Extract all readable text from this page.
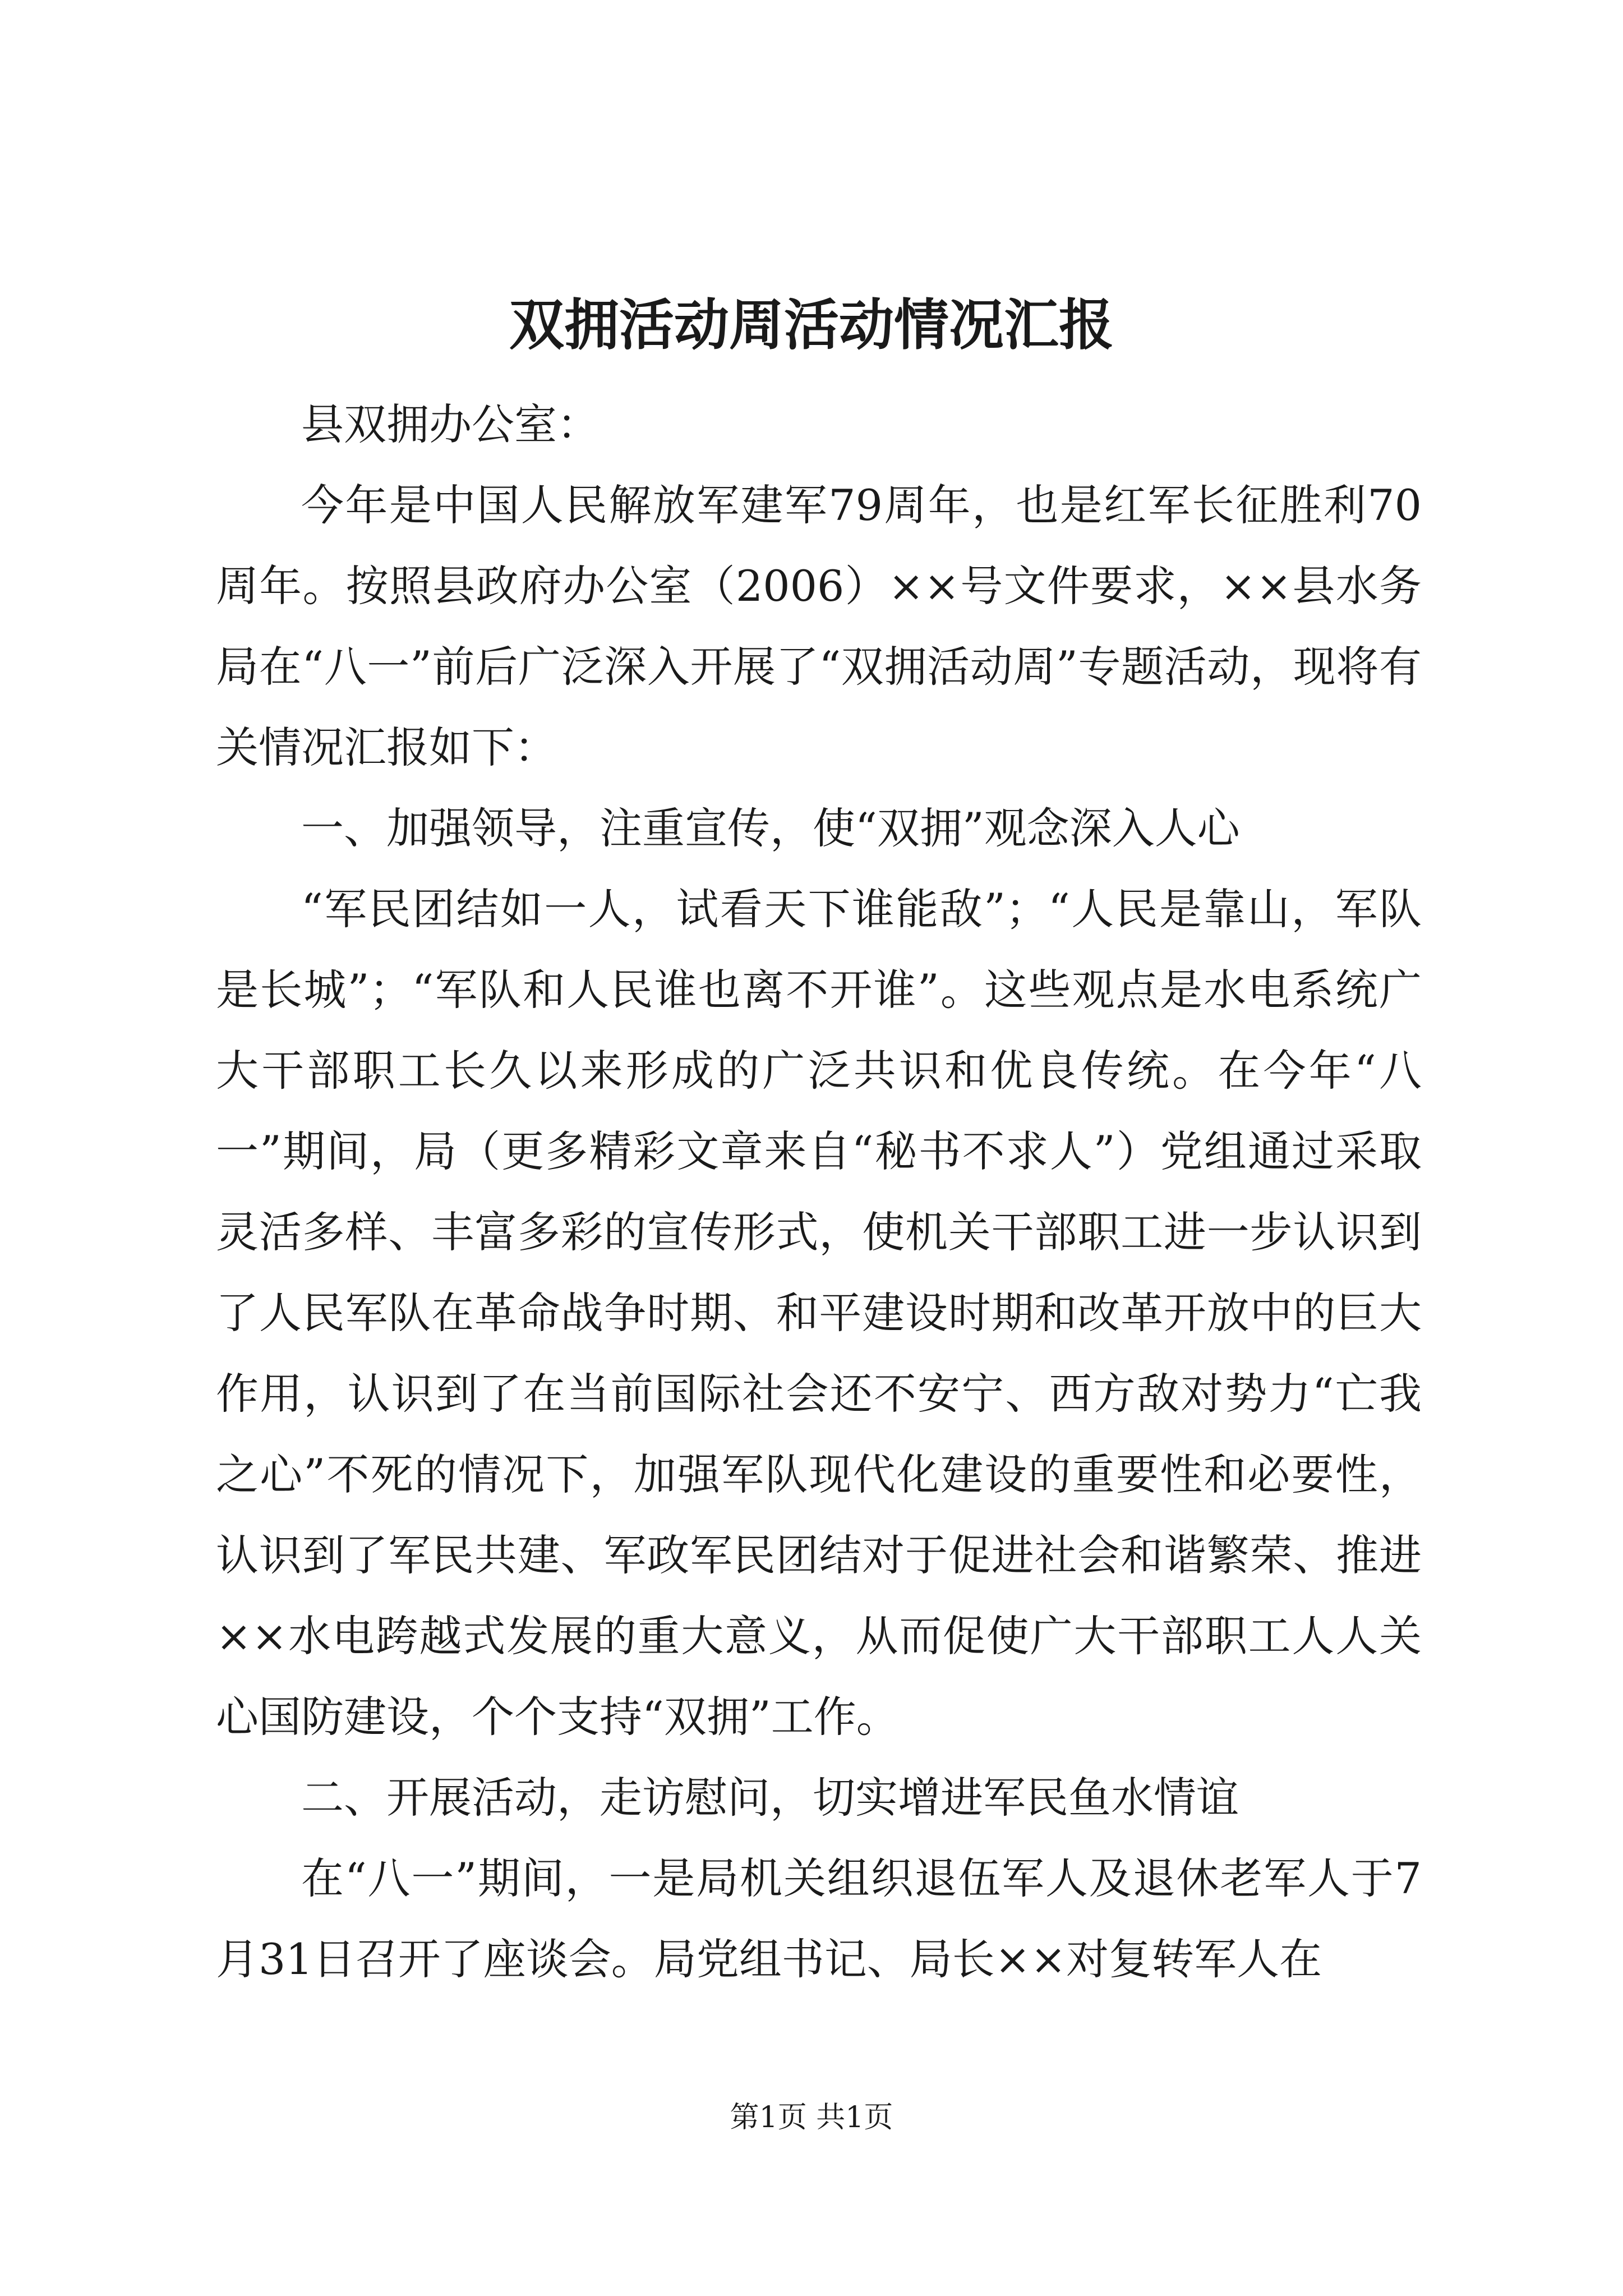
双拥活动周活动情况汇报

县双拥办公室：

今年是中国人民解放军建军79周年，也是红军长征胜利70周年。按照县政府办公室（2006）××号文件要求，××县水务局在“八一”前后广泛深入开展了“双拥活动周”专题活动，现将有关情况汇报如下：

一、加强领导，注重宣传，使“双拥”观念深入人心

“军民团结如一人，试看天下谁能敌”；“人民是靠山，军队是长城”；“军队和人民谁也离不开谁”。这些观点是水电系统广大干部职工长久以来形成的广泛共识和优良传统。在今年“八一”期间，局（更多精彩文章来自“秘书不求人”）党组通过采取灵活多样、丰富多彩的宣传形式，使机关干部职工进一步认识到了人民军队在革命战争时期、和平建设时期和改革开放中的巨大作用，认识到了在当前国际社会还不安宁、西方敌对势力“亡我之心”不死的情况下，加强军队现代化建设的重要性和必要性，认识到了军民共建、军政军民团结对于促进社会和谐繁荣、推进××水电跨越式发展的重大意义，从而促使广大干部职工人人关心国防建设，个个支持“双拥”工作。

二、开展活动，走访慰问，切实增进军民鱼水情谊

在“八一”期间，一是局机关组织退伍军人及退休老军人于7月31日召开了座谈会。局党组书记、局长××对复转军人在

第1页 共1页
